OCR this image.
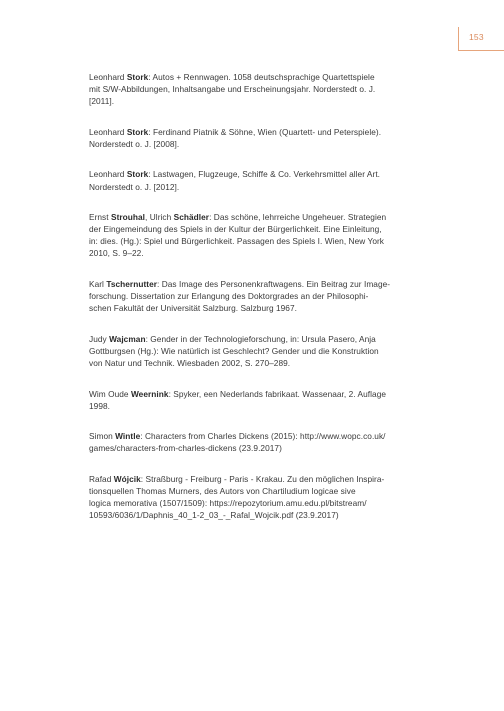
153

Leonhard Stork: Autos + Rennwagen. 1058 deutschsprachige Quartettspiele
mit S/W-Abbildungen, Inhaltsangabe und Erscheinungsjahr. Norderstedt o. J.
[2011].

Leonhard Stork: Ferdinand Piatnik & Söhne, Wien (Quartett- und Peterspiele).
Norderstedt o. J. [2008].

Leonhard Stork: Lastwagen, Flugzeuge, Schiffe & Co. Verkehrsmittel aller Art.
Norderstedt o. J. [2012].

Ernst Strouhal, Ulrich Schädler: Das schöne, lehrreiche Ungeheuer. Strategien
der Eingemeindung des Spiels in der Kultur der Bürgerlichkeit. Eine Einleitung,
in: dies. (Hg.): Spiel und Bürgerlichkeit. Passagen des Spiels I. Wien, New York
2010, S. 9–22.

Karl Tschernutter: Das Image des Personenkraftwagens. Ein Beitrag zur Image-
forschung. Dissertation zur Erlangung des Doktorgrades an der Philosophi-
schen Fakultät der Universität Salzburg. Salzburg 1967.

Judy Wajcman: Gender in der Technologieforschung, in: Ursula Pasero, Anja
Gottburgsen (Hg.): Wie natürlich ist Geschlecht? Gender und die Konstruktion
von Natur und Technik. Wiesbaden 2002, S. 270–289.

Wim Oude Weernink: Spyker, een Nederlands fabrikaat. Wassenaar, 2. Auflage
1998.

Simon Wintle: Characters from Charles Dickens (2015): http://www.wopc.co.uk/
games/characters-from-charles-dickens (23.9.2017)

Rafad Wójcik: Straßburg - Freiburg - Paris - Krakau. Zu den möglichen Inspira-
tionsquellen Thomas Murners, des Autors von Chartiludium logicae sive
logica memorativa (1507/1509): https://repozytorium.amu.edu.pl/bitstream/
10593/6036/1/Daphnis_40_1-2_03_-_Rafal_Wojcik.pdf (23.9.2017)
